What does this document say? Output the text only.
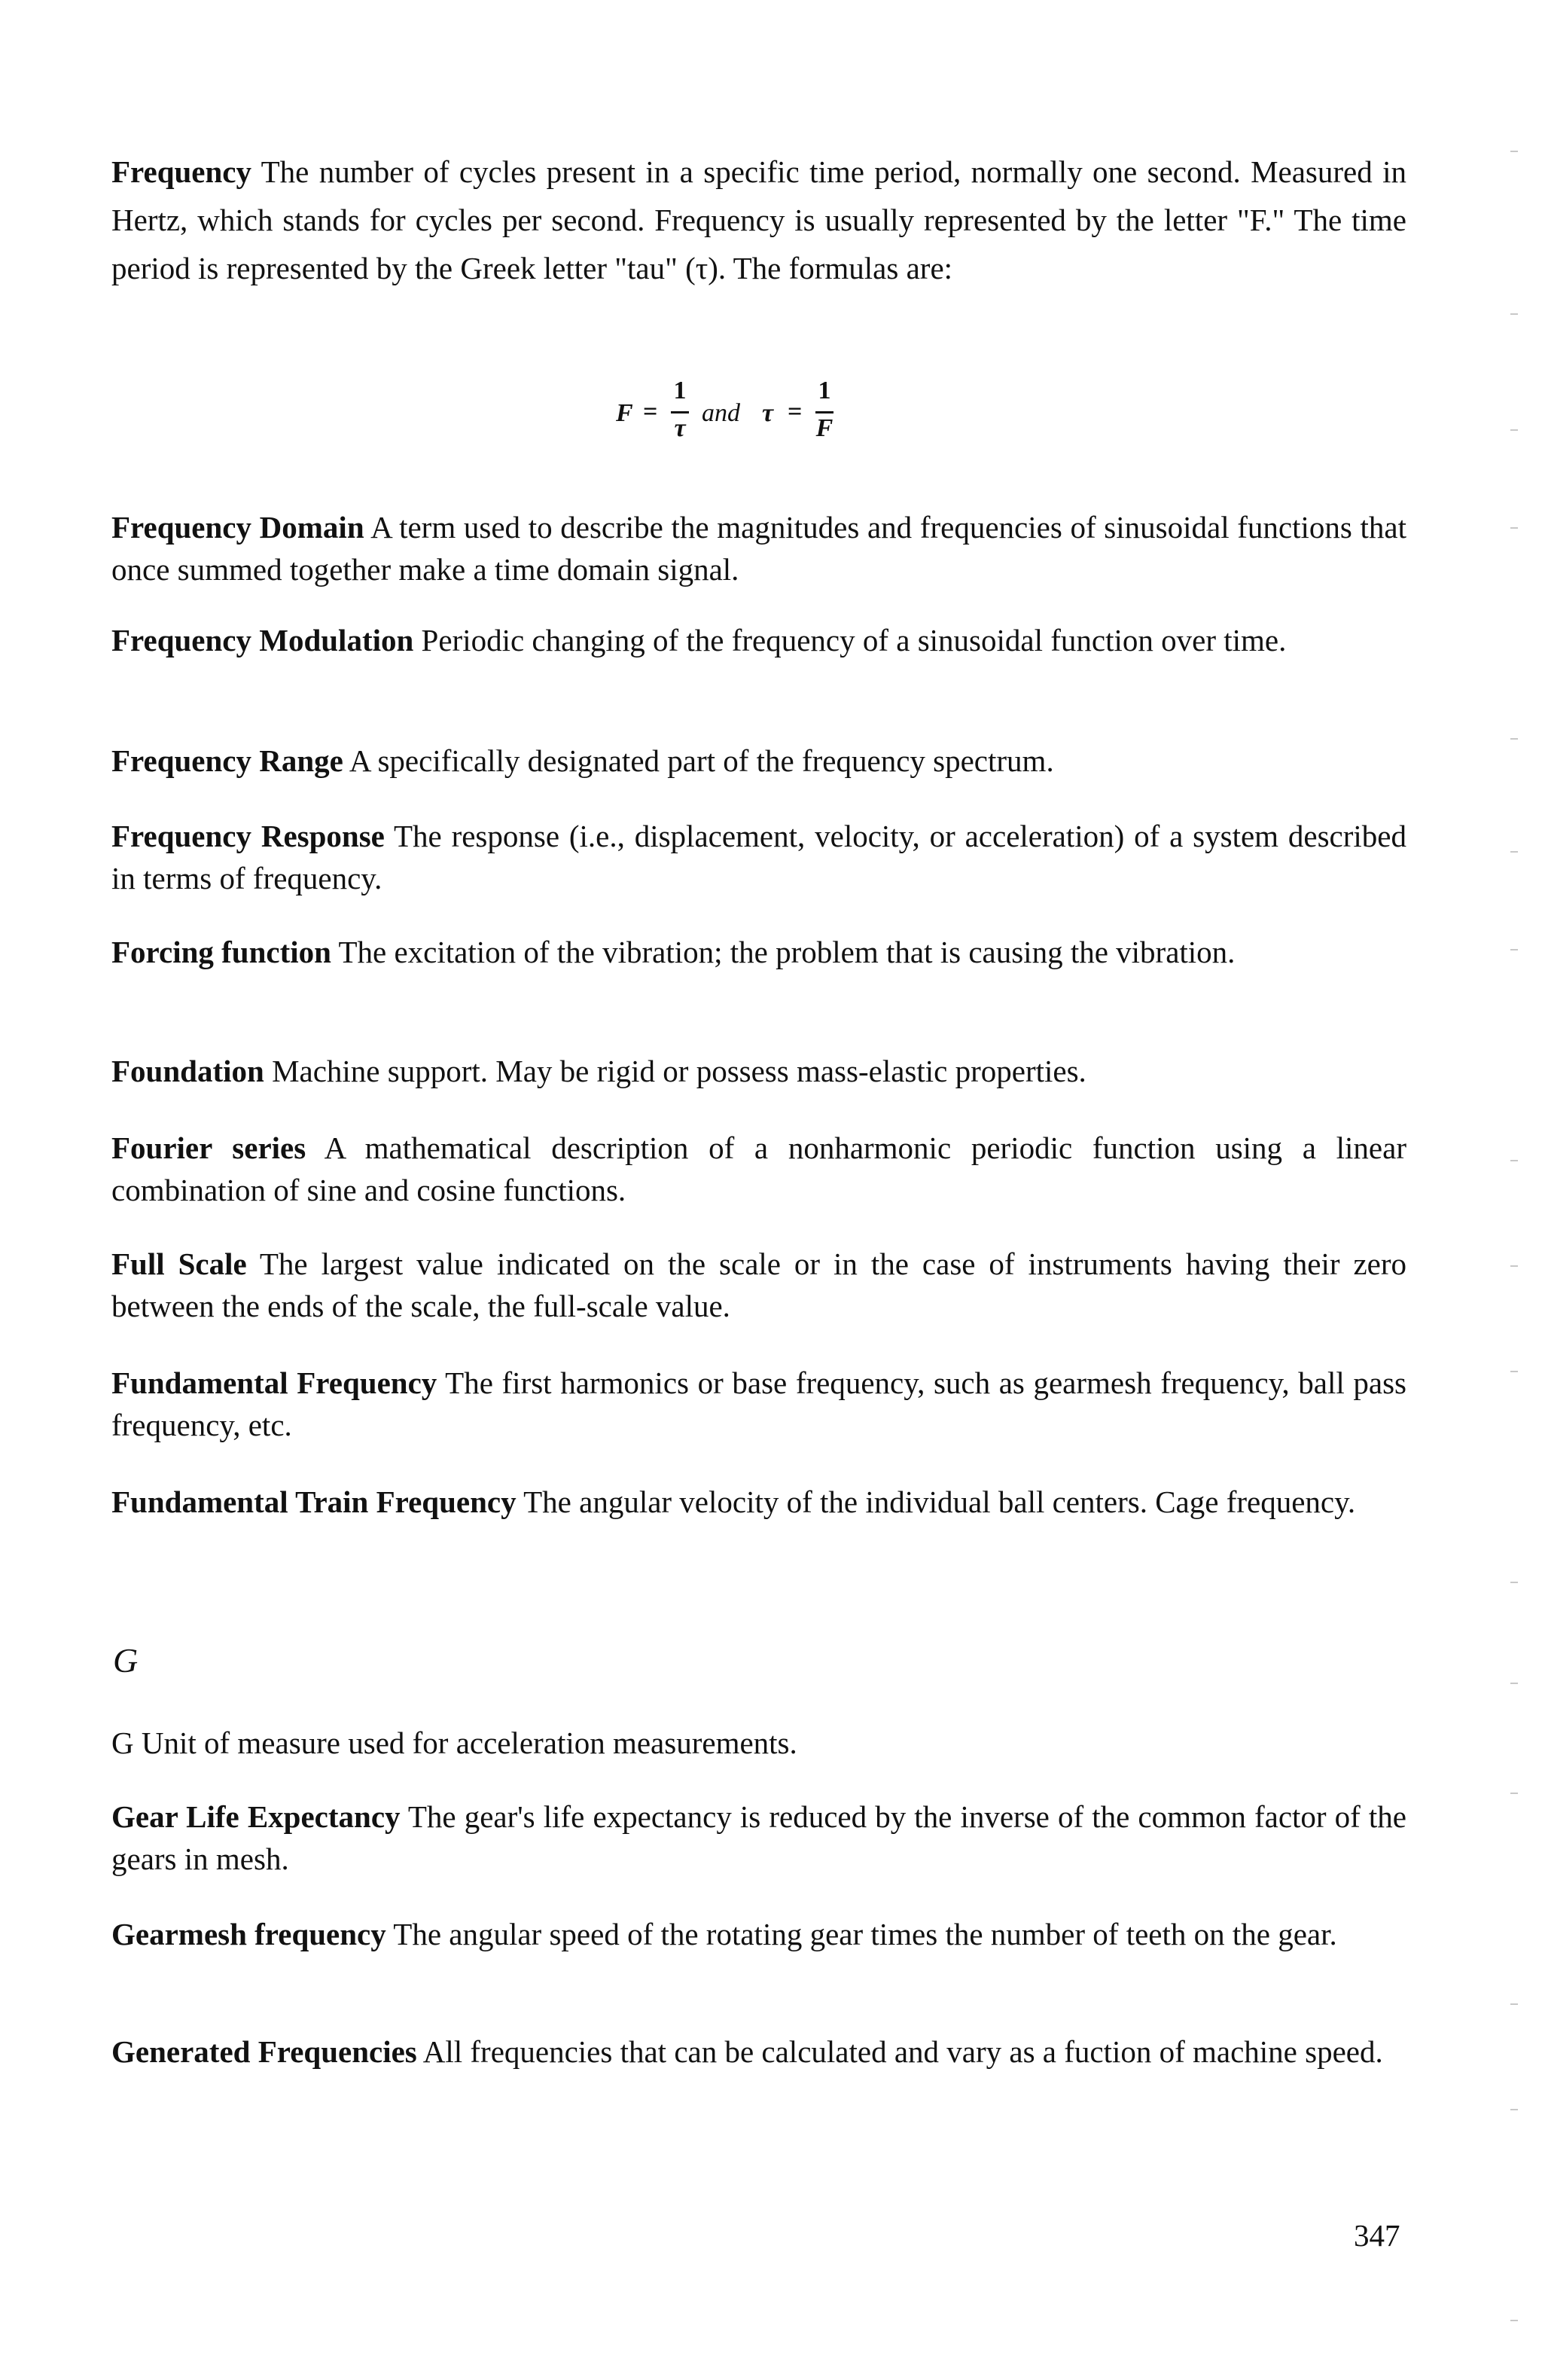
Frequency The number of cycles present in a specific time period, normally one second. Measured in Hertz, which stands for cycles per second. Frequency is usually represented by the letter "F." The time period is represented by the Greek letter "tau" (τ). The formulas are:

F =
1
τ
and τ =
1
F

Frequency Domain A term used to describe the magnitudes and frequencies of sinusoidal functions that once summed together make a time domain signal.

Frequency Modulation Periodic changing of the frequency of a sinusoidal function over time.

Frequency Range A specifically designated part of the frequency spectrum.

Frequency Response The response (i.e., displacement, velocity, or acceleration) of a system described in terms of frequency.

Forcing function The excitation of the vibration; the problem that is causing the vibration.

Foundation Machine support. May be rigid or possess mass-elastic properties.

Fourier series A mathematical description of a nonharmonic periodic function using a linear combination of sine and cosine functions.

Full Scale The largest value indicated on the scale or in the case of instruments having their zero between the ends of the scale, the full-scale value.

Fundamental Frequency The first harmonics or base frequency, such as gearmesh frequency, ball pass frequency, etc.

Fundamental Train Frequency The angular velocity of the individual ball centers. Cage frequency.

G

G Unit of measure used for acceleration measurements.

Gear Life Expectancy The gear's life expectancy is reduced by the inverse of the common factor of the gears in mesh.

Gearmesh frequency The angular speed of the rotating gear times the number of teeth on the gear.

Generated Frequencies All frequencies that can be calculated and vary as a fuction of machine speed.

347
